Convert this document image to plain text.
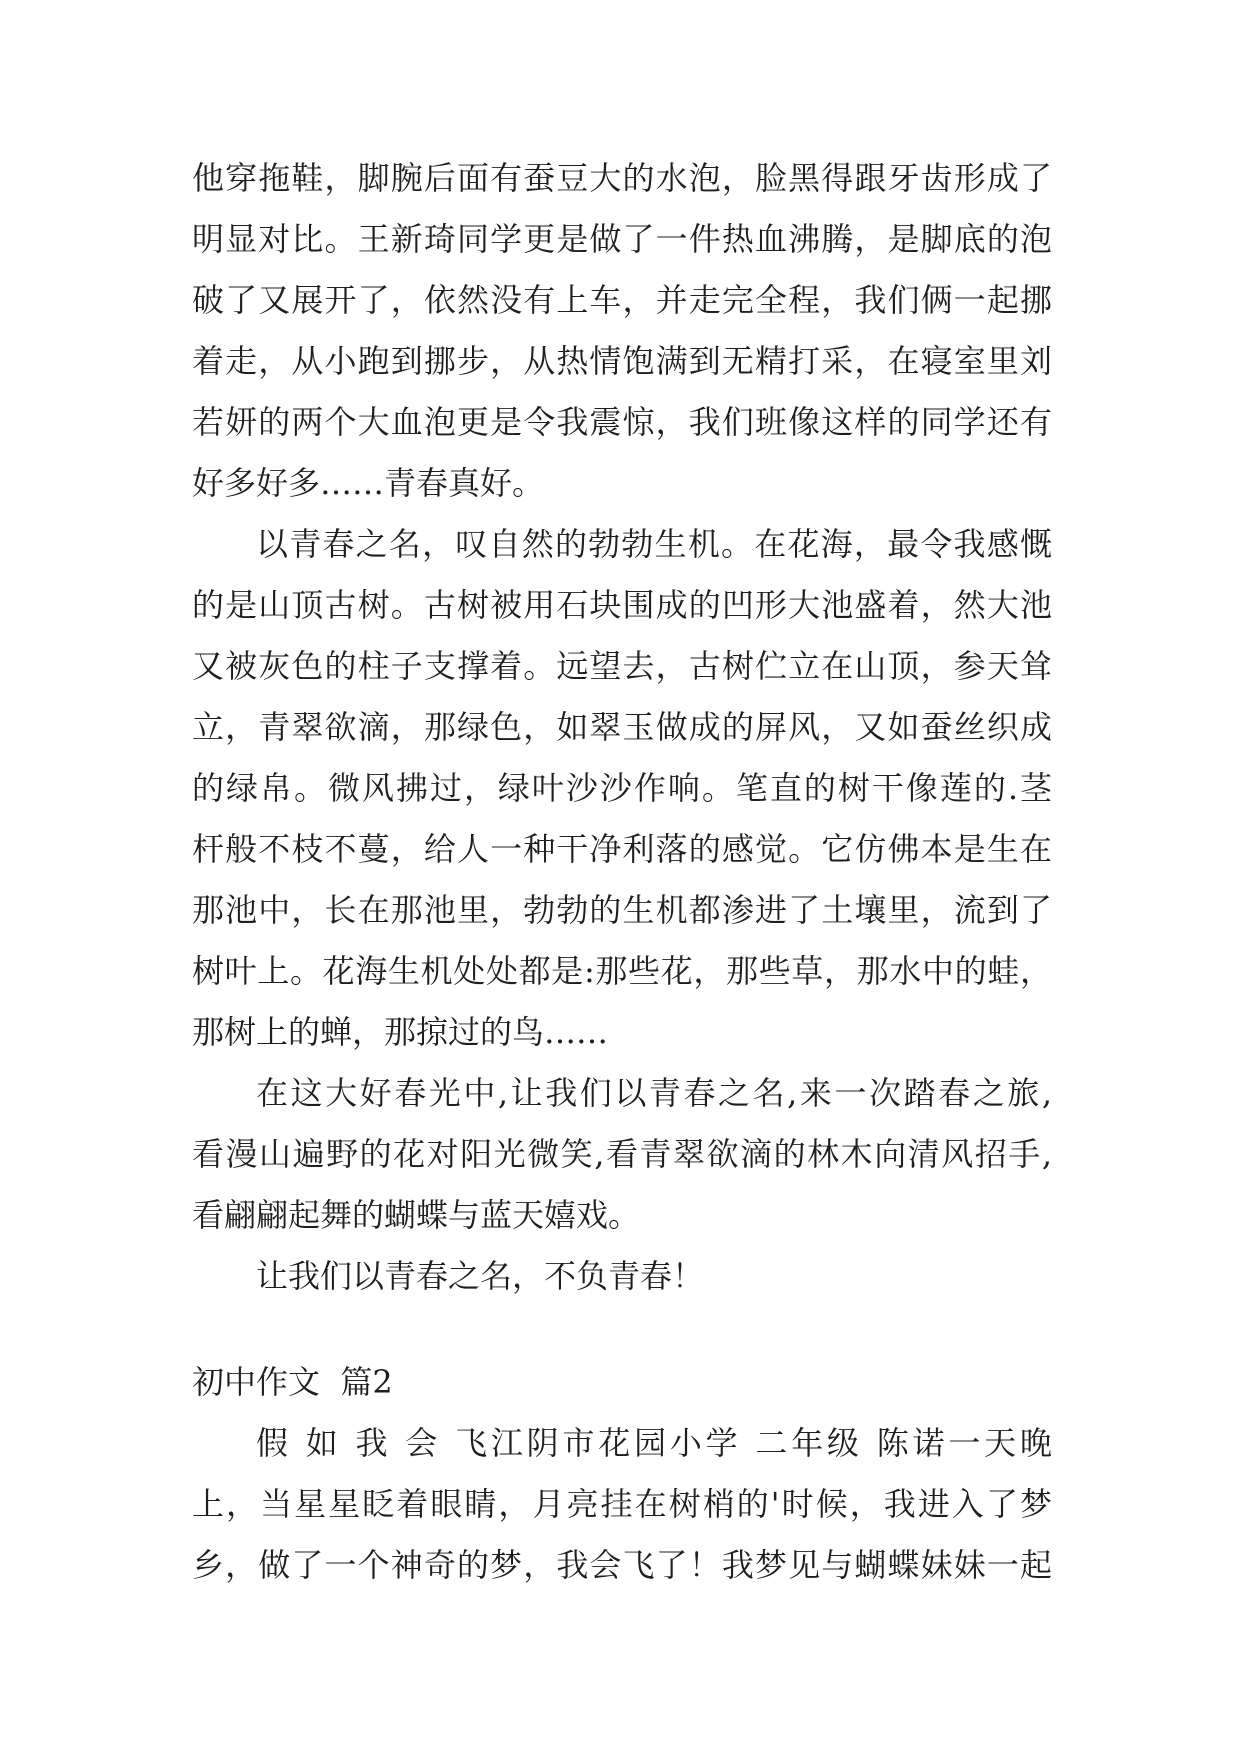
他穿拖鞋，脚腕后面有蚕豆大的水泡，脸黑得跟牙齿形成了

明显对比。王新琦同学更是做了一件热血沸腾，是脚底的泡

破了又展开了，依然没有上车，并走完全程，我们俩一起挪

着走，从小跑到挪步，从热情饱满到无精打采，在寝室里刘

若妍的两个大血泡更是令我震惊，我们班像这样的同学还有

好多好多……青春真好。

以青春之名，叹自然的勃勃生机。在花海，最令我感慨

的是山顶古树。古树被用石块围成的凹形大池盛着，然大池

又被灰色的柱子支撑着。远望去，古树伫立在山顶，参天耸

立，青翠欲滴，那绿色，如翠玉做成的屏风，又如蚕丝织成

的绿帛。微风拂过，绿叶沙沙作响。笔直的树干像莲的.茎

杆般不枝不蔓，给人一种干净利落的感觉。它仿佛本是生在

那池中，长在那池里，勃勃的生机都渗进了土壤里，流到了

树叶上。花海生机处处都是:那些花，那些草，那水中的蛙，

那树上的蝉，那掠过的鸟……

在这大好春光中,让我们以青春之名,来一次踏春之旅,

看漫山遍野的花对阳光微笑,看青翠欲滴的林木向清风招手,

看翩翩起舞的蝴蝶与蓝天嬉戏。

让我们以青春之名，不负青春！

初中作文  篇2

假 如 我 会 飞江阴市花园小学 二年级 陈诺一天晚

上，当星星眨着眼睛，月亮挂在树梢的'时候，我进入了梦

乡，做了一个神奇的梦，我会飞了！我梦见与蝴蝶妹妹一起
